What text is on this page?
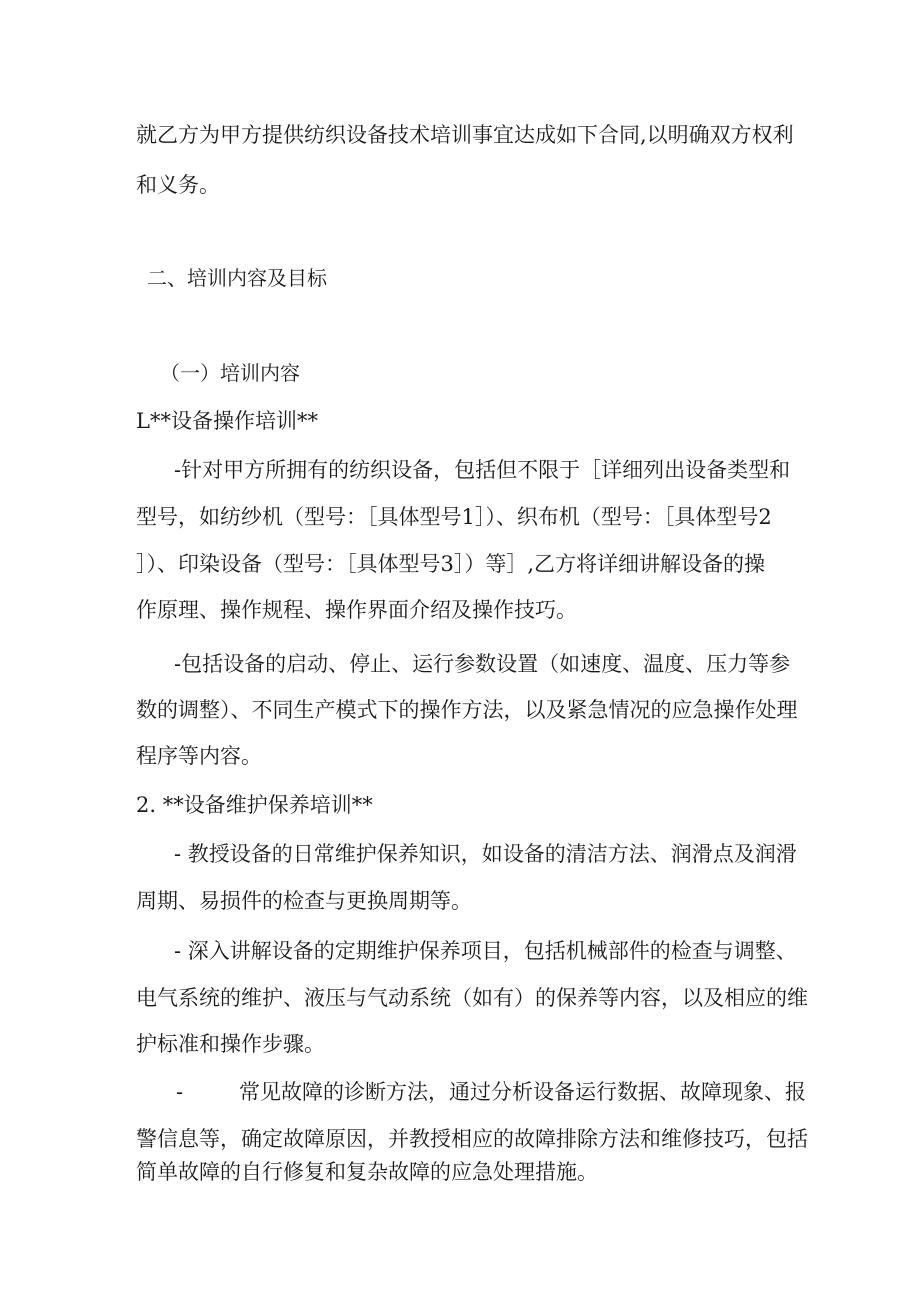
就乙方为甲方提供纺织设备技术培训事宜达成如下合同,以明确双方权利
和义务。
二、培训内容及目标
（一）培训内容
L**设备操作培训**
-针对甲方所拥有的纺织设备，包括但不限于［详细列出设备类型和
型号，如纺纱机（型号：［具体型号1］）、织布机（型号：［具体型号2
］）、印染设备（型号：［具体型号3］）等］,乙方将详细讲解设备的操
作原理、操作规程、操作界面介绍及操作技巧。
-包括设备的启动、停止、运行参数设置（如速度、温度、压力等参
数的调整）、不同生产模式下的操作方法，以及紧急情况的应急操作处理
程序等内容。
2. **设备维护保养培训**
- 教授设备的日常维护保养知识，如设备的清洁方法、润滑点及润滑
周期、易损件的检查与更换周期等。
- 深入讲解设备的定期维护保养项目，包括机械部件的检查与调整、
电气系统的维护、液压与气动系统（如有）的保养等内容，以及相应的维
护标准和操作步骤。
-	常见故障的诊断方法，通过分析设备运行数据、故障现象、报
警信息等，确定故障原因，并教授相应的故障排除方法和维修技巧，包括
简单故障的自行修复和复杂故障的应急处理措施。
